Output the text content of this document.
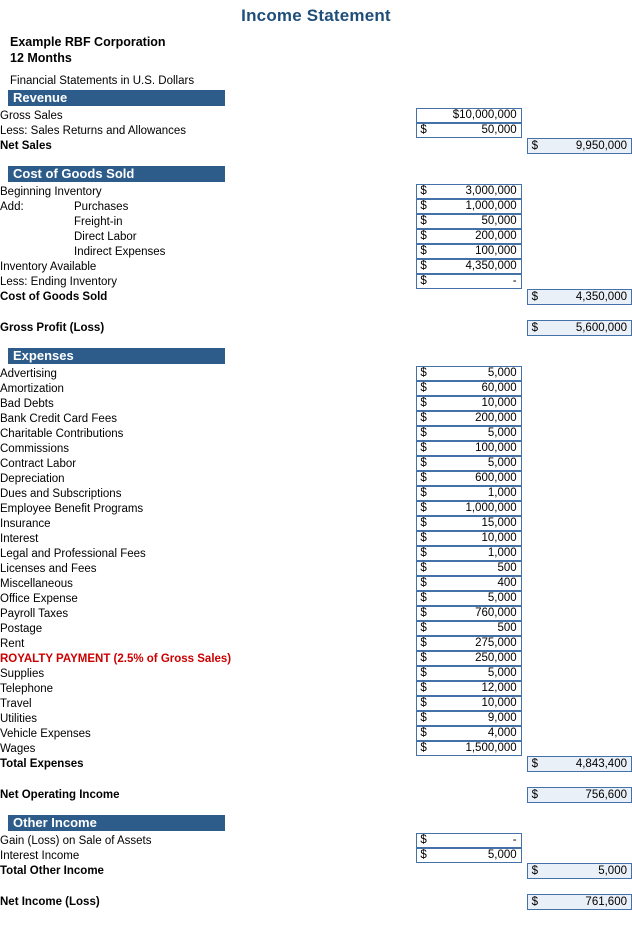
Income Statement
Example RBF Corporation
12 Months
Financial Statements in U.S. Dollars
Revenue
Gross Sales	$10,000,000		

Less: Sales Returns and Allowances	$ 50,000		

Net Sales			$ 9,950,000
Cost of Goods Sold
Beginning Inventory	$ 3,000,000		

Add: Purchases	$ 1,000,000		

Freight-in	$ 50,000		

Direct Labor	$ 200,000		

Indirect Expenses	$ 100,000		

Inventory Available	$ 4,350,000		

Less: Ending Inventory	$ -		

Cost of Goods Sold			$ 4,350,000

Gross Profit (Loss)			$ 5,600,000
Expenses
Advertising	$ 5,000		

Amortization	$ 60,000		

Bad Debts	$ 10,000		

Bank Credit Card Fees	$ 200,000		

Charitable Contributions	$ 5,000		

Commissions	$ 100,000		

Contract Labor	$ 5,000		

Depreciation	$ 600,000		

Dues and Subscriptions	$ 1,000		

Employee Benefit Programs	$ 1,000,000		

Insurance	$ 15,000		

Interest	$ 10,000		

Legal and Professional Fees	$ 1,000		

Licenses and Fees	$ 500		

Miscellaneous	$ 400		

Office Expense	$ 5,000		

Payroll Taxes	$ 760,000		

Postage	$ 500		

Rent	$ 275,000		

ROYALTY PAYMENT (2.5% of Gross Sales)	$ 250,000		

Supplies	$ 5,000		

Telephone	$ 12,000		

Travel	$ 10,000		

Utilities	$ 9,000		

Vehicle Expenses	$ 4,000		

Wages	$ 1,500,000		

Total Expenses			$ 4,843,400

Net Operating Income			$ 756,600
Other Income
Gain (Loss) on Sale of Assets	$ -		

Interest Income	$ 5,000		

Total Other Income			$ 5,000

Net Income (Loss)			$ 761,600
